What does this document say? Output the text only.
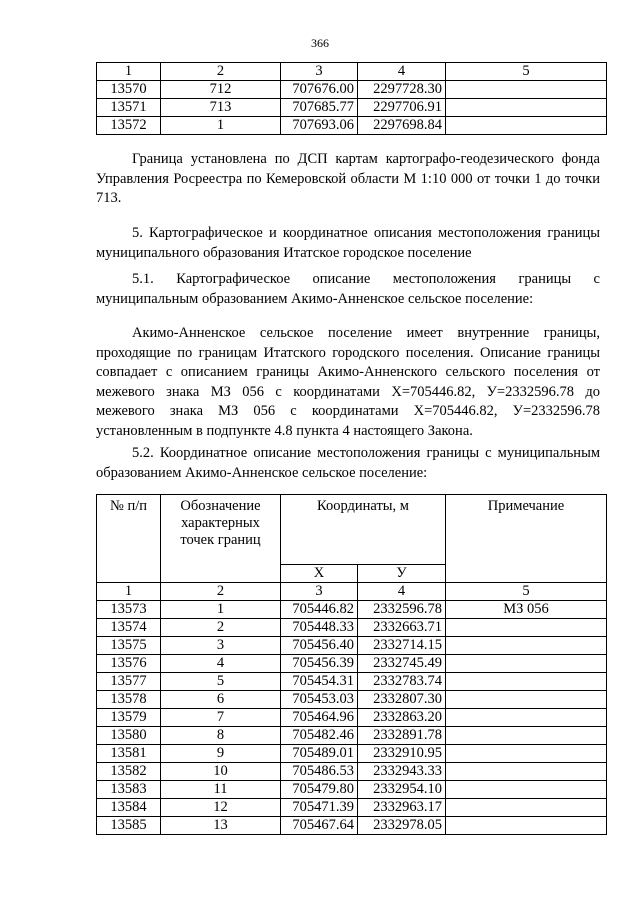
366
1	2	3	4	5
13570	712	707676.00	2297728.30	
13571	713	707685.77	2297706.91	
13572	1	707693.06	2297698.84	

Граница установлена по ДСП картам картографо-геодезического фонда Управления Росреестра по Кемеровской области М 1:10 000 от точки 1 до точки 713.

5. Картографическое и координатное описания местоположения границы муниципального образования Итатское городское поселение

5.1. Картографическое описание местоположения границы с муниципальным образованием Акимо-Анненское сельское поселение:

Акимо-Анненское сельское поселение имеет внутренние границы, проходящие по границам Итатского городского поселения. Описание границы совпадает с описанием границы Акимо-Анненского сельского поселения от межевого знака МЗ 056 с координатами Х=705446.82, У=2332596.78 до межевого знака МЗ 056 с координатами Х=705446.82, У=2332596.78 установленным в подпункте 4.8 пункта 4 настоящего Закона.

5.2. Координатное описание местоположения границы с муниципальным образованием Акимо-Анненское сельское поселение:

№ п/п	Обозначение характерных точек границ	Координаты, м		Примечание
		Х	У	
1	2	3	4	5
13573	1	705446.82	2332596.78	МЗ 056
13574	2	705448.33	2332663.71	
13575	3	705456.40	2332714.15	
13576	4	705456.39	2332745.49	
13577	5	705454.31	2332783.74	
13578	6	705453.03	2332807.30	
13579	7	705464.96	2332863.20	
13580	8	705482.46	2332891.78	
13581	9	705489.01	2332910.95	
13582	10	705486.53	2332943.33	
13583	11	705479.80	2332954.10	
13584	12	705471.39	2332963.17	
13585	13	705467.64	2332978.05	
